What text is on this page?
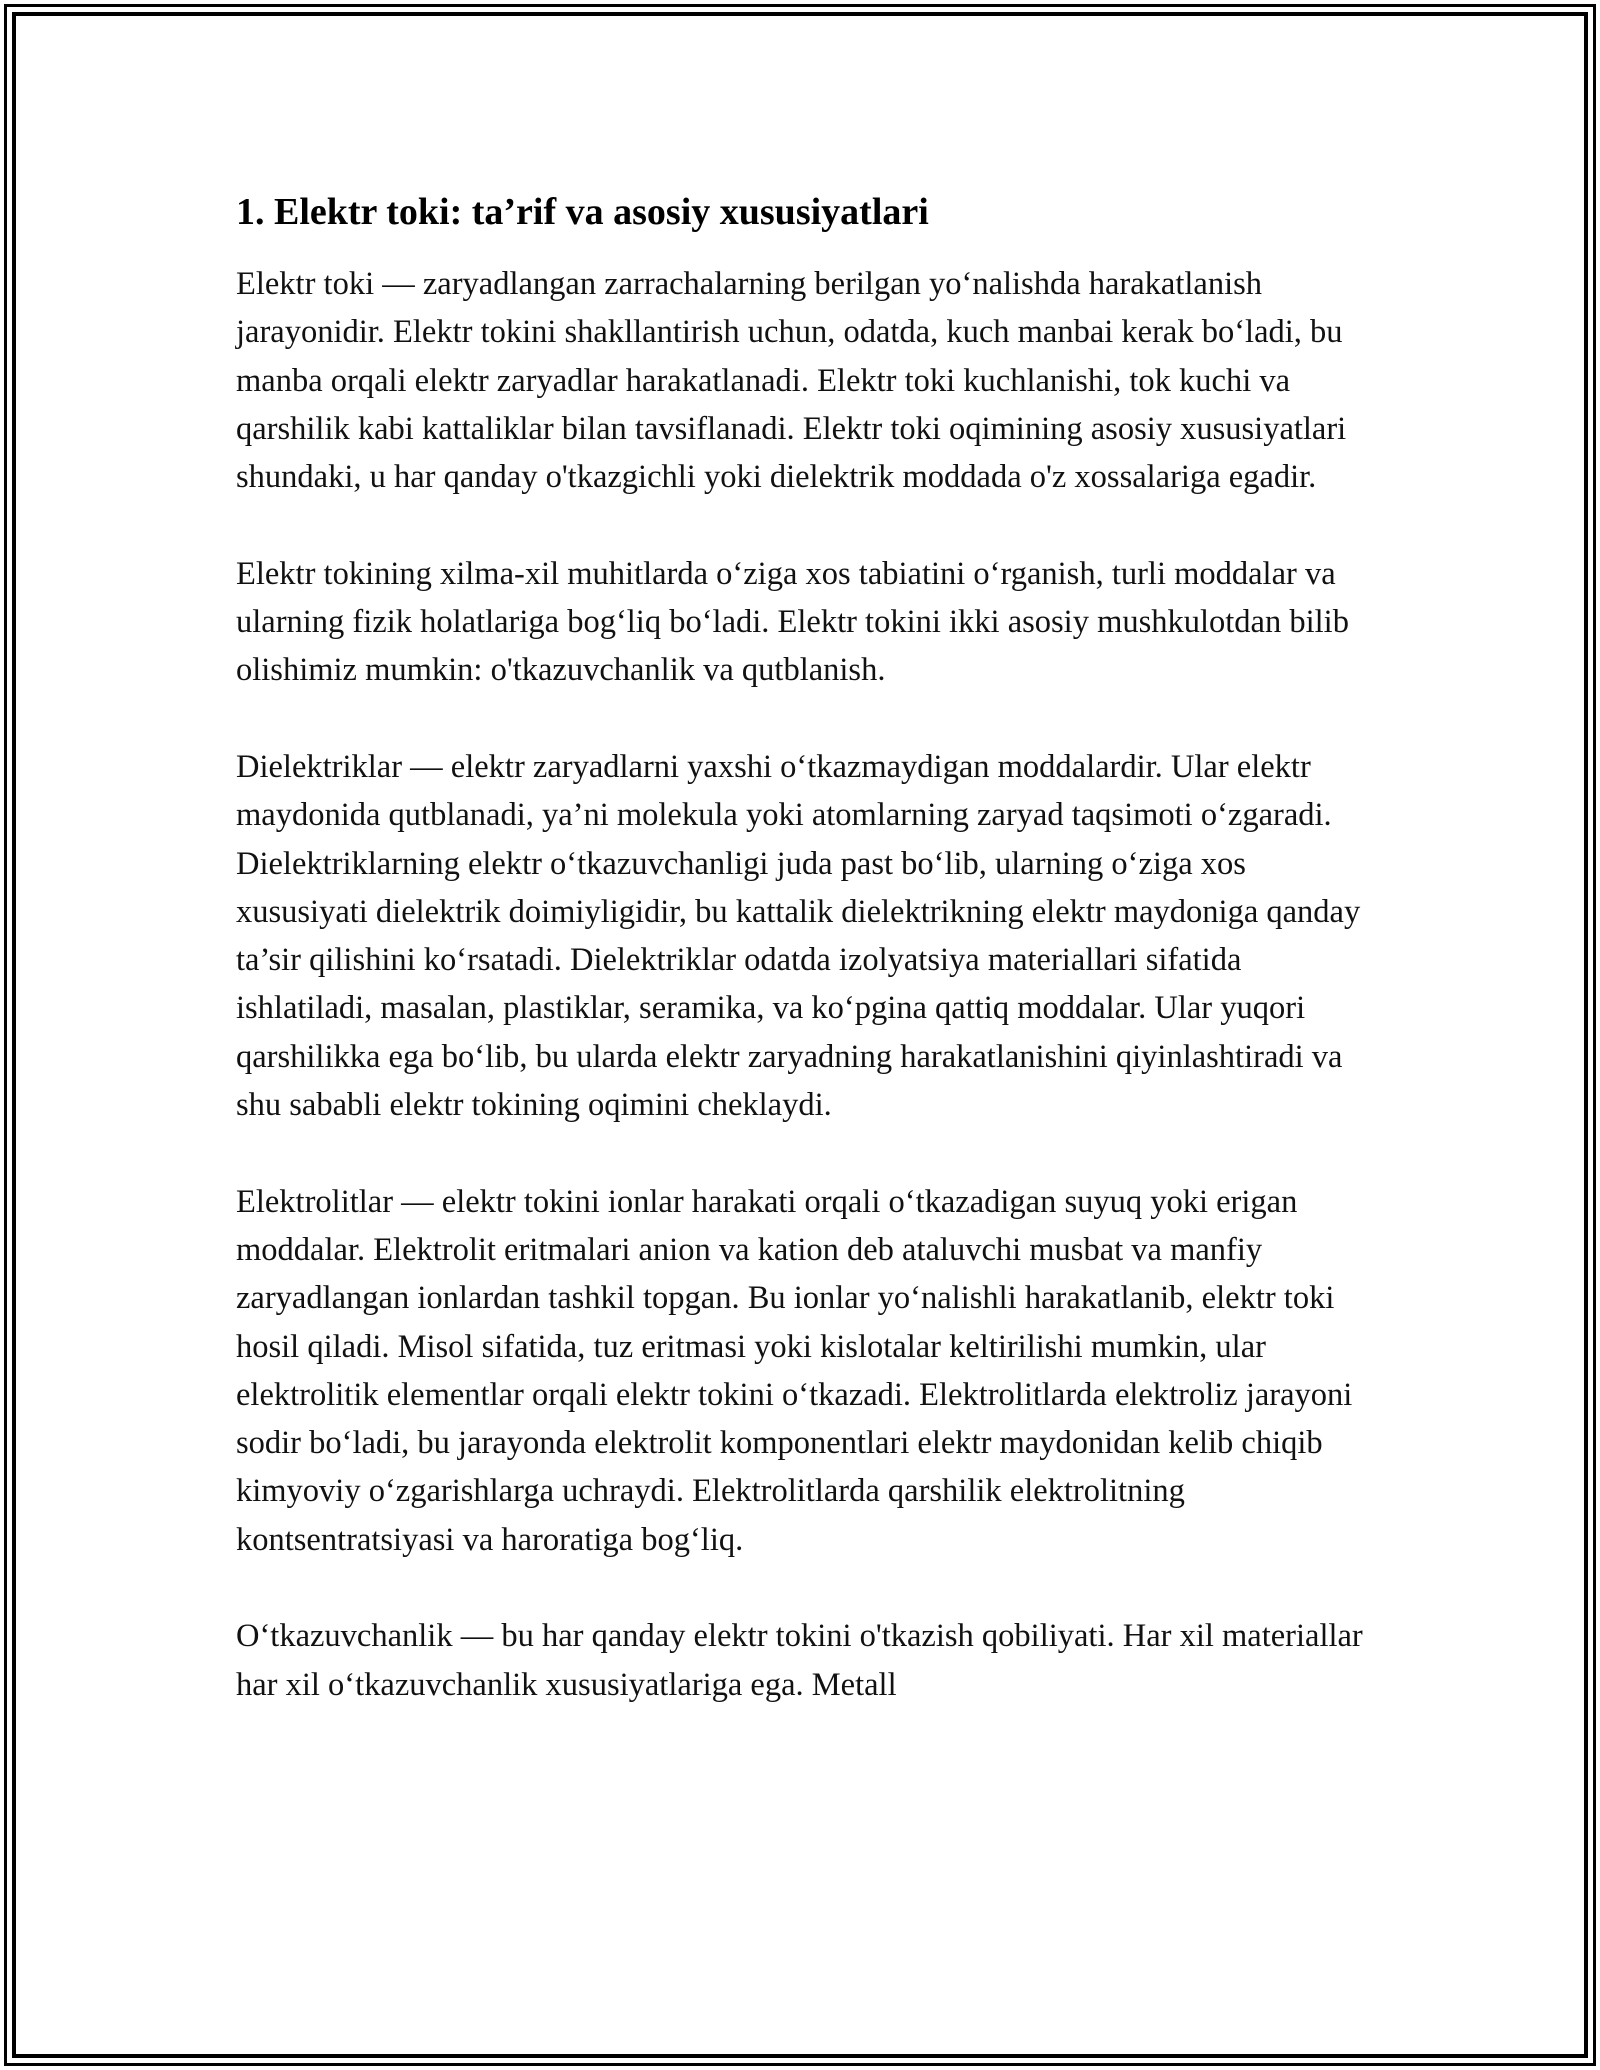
1. Elektr toki: ta’rif va asosiy xususiyatlari

Elektr toki — zaryadlangan zarrachalarning berilgan yo‘nalishda harakatlanish jarayonidir. Elektr tokini shakllantirish uchun, odatda, kuch manbai kerak bo‘ladi, bu manba orqali elektr zaryadlar harakatlanadi. Elektr toki kuchlanishi, tok kuchi va qarshilik kabi kattaliklar bilan tavsiflanadi. Elektr toki oqimining asosiy xususiyatlari shundaki, u har qanday o'tkazgichli yoki dielektrik moddada o'z xossalariga egadir.

Elektr tokining xilma-xil muhitlarda o‘ziga xos tabiatini o‘rganish, turli moddalar va ularning fizik holatlariga bog‘liq bo‘ladi. Elektr tokini ikki asosiy mushkulotdan bilib olishimiz mumkin: o'tkazuvchanlik va qutblanish.

Dielektriklar — elektr zaryadlarni yaxshi o‘tkazmaydigan moddalardir. Ular elektr maydonida qutblanadi, ya’ni molekula yoki atomlarning zaryad taqsimoti o‘zgaradi. Dielektriklarning elektr o‘tkazuvchanligi juda past bo‘lib, ularning o‘ziga xos xususiyati dielektrik doimiyligidir, bu kattalik dielektrikning elektr maydoniga qanday ta’sir qilishini ko‘rsatadi. Dielektriklar odatda izolyatsiya materiallari sifatida ishlatiladi, masalan, plastiklar, seramika, va ko‘pgina qattiq moddalar. Ular yuqori qarshilikka ega bo‘lib, bu ularda elektr zaryadning harakatlanishini qiyinlashtiradi va shu sababli elektr tokining oqimini cheklaydi.

Elektrolitlar — elektr tokini ionlar harakati orqali o‘tkazadigan suyuq yoki erigan moddalar. Elektrolit eritmalari anion va kation deb ataluvchi musbat va manfiy zaryadlangan ionlardan tashkil topgan. Bu ionlar yo‘nalishli harakatlanib, elektr toki hosil qiladi. Misol sifatida, tuz eritmasi yoki kislotalar keltirilishi mumkin, ular elektrolitik elementlar orqali elektr tokini o‘tkazadi. Elektrolitlarda elektroliz jarayoni sodir bo‘ladi, bu jarayonda elektrolit komponentlari elektr maydonidan kelib chiqib kimyoviy o‘zgarishlarga uchraydi. Elektrolitlarda qarshilik elektrolitning kontsentratsiyasi va haroratiga bog‘liq.

O‘tkazuvchanlik — bu har qanday elektr tokini o'tkazish qobiliyati. Har xil materiallar har xil o‘tkazuvchanlik xususiyatlariga ega. Metall
